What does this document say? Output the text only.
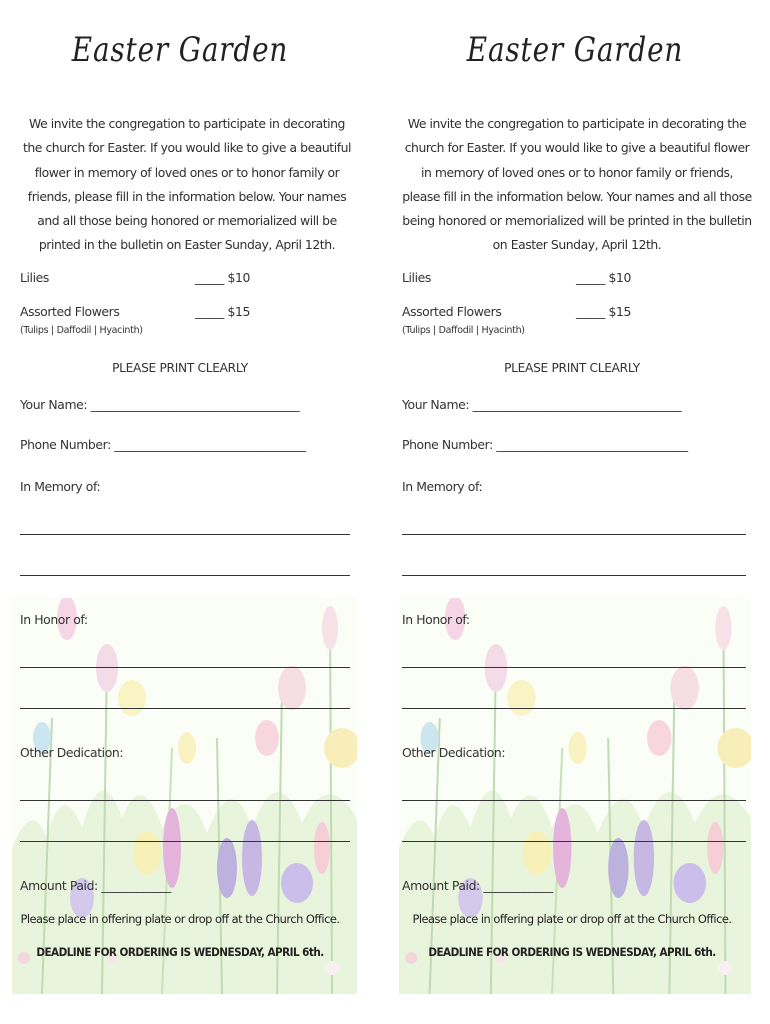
Easter Garden
We invite the congregation to participate in decorating the church for Easter. If you would like to give a beautiful flower in memory of loved ones or to honor family or friends, please fill in the information below. Your names and all those being honored or memorialized will be printed in the bulletin on Easter Sunday, April 12th.
Lilies	_____ $10
Assorted Flowers	_____ $15
(Tulips | Daffodil | Hyacinth)
PLEASE PRINT CLEARLY
Your Name: ____________________________________
Phone Number: _________________________________
In Memory of:
In Honor of:
Other Dedication:
Amount Paid: ____________
Please place in offering plate or drop off at the Church Office.
DEADLINE FOR ORDERING IS WEDNESDAY, APRIL 6th.
Easter Garden
We invite the congregation to participate in decorating the church for Easter. If you would like to give a beautiful flower in memory of loved ones or to honor family or friends, please fill in the information below. Your names and all those being honored or memorialized will be printed in the bulletin on Easter Sunday, April 12th.
Lilies	_____ $10
Assorted Flowers	_____ $15
(Tulips | Daffodil | Hyacinth)
PLEASE PRINT CLEARLY
Your Name: ____________________________________
Phone Number: _________________________________
In Memory of:
In Honor of:
Other Dedication:
Amount Paid: ____________
Please place in offering plate or drop off at the Church Office.
DEADLINE FOR ORDERING IS WEDNESDAY, APRIL 6th.
